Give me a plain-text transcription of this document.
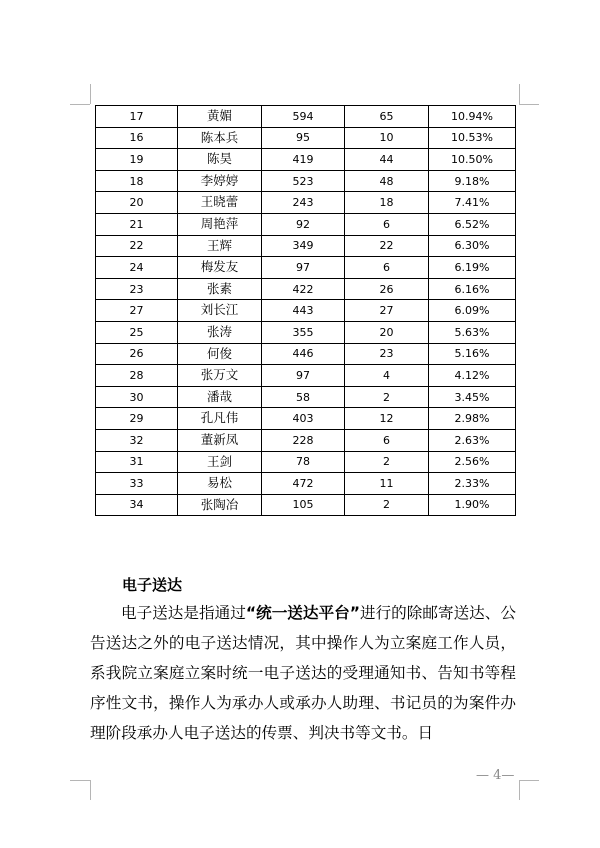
17	黄媚	594	65	10.94%
16	陈本兵	95	10	10.53%
19	陈昊	419	44	10.50%
18	李婷婷	523	48	9.18%
20	王晓蕾	243	18	7.41%
21	周艳萍	92	6	6.52%
22	王辉	349	22	6.30%
24	梅发友	97	6	6.19%
23	张素	422	26	6.16%
27	刘长江	443	27	6.09%
25	张涛	355	20	5.63%
26	何俊	446	23	5.16%
28	张万文	97	4	4.12%
30	潘哉	58	2	3.45%
29	孔凡伟	403	12	2.98%
32	董新凤	228	6	2.63%
31	王剑	78	2	2.56%
33	易松	472	11	2.33%
34	张陶冶	105	2	1.90%
电子送达

电子送达是指通过“统一送达平台”进行的除邮寄送达、公告送达之外的电子送达情况，其中操作人为立案庭工作人员，系我院立案庭立案时统一电子送达的受理通知书、告知书等程序性文书，操作人为承办人或承办人助理、书记员的为案件办理阶段承办人电子送达的传票、判决书等文书。日

— 4—
